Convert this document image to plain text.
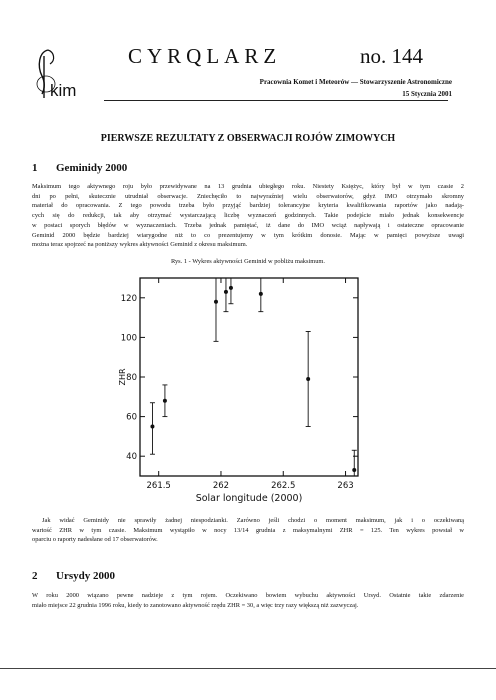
kim
CYRQLARZ	no. 144
Pracownia Komet i Meteorów — Stowarzyszenie Astronomiczne
15 Stycznia 2001
PIERWSZE REZULTATY Z OBSERWACJI ROJÓW ZIMOWYCH
1 Geminidy 2000
Maksimum tego aktywnego roju było przewidywane na 13 grudnia ubiegłego roku. Niestety Księżyc, który był w tym czasie 2
dni po pełni, skutecznie utrudniał obserwacje. Zniechęciło to najwyraźniej wielu obserwatorów, gdyż IMO otrzymało skromny
materiał do opracowania. Z tego powodu trzeba było przyjąć bardziej tolerancyjne kryteria kwalifikowania raportów jako nadają-
cych się do redukcji, tak aby otrzymać wystarczającą liczbę wyznaczeń godzinnych. Takie podejście miało jednak konsekwencje
w postaci sporych błędów w wyznaczeniach. Trzeba jednak pamiętać, iż dane do IMO wciąż napływają i ostateczne opracowanie
Geminid 2000 będzie bardziej wiarygodne niż to co prezentujemy w tym krótkim donosie. Mając w pamięci powyższe uwagi
można teraz spojrzeć na poniższy wykres aktywności Geminid z okresu maksimum.
Rys. 1 - Wykres aktywności Geminid w pobliżu maksimum.
261.5	262	262.5	263
40
60
80
100
120
Solar longitude (2000)
ZHR
Jak widać Geminidy nie sprawiły żadnej niespodzianki. Zarówno jeśli chodzi o moment maksimum, jak i o oczekiwaną
wartość ZHR w tym czasie. Maksimum wystąpiło w nocy 13/14 grudnia z maksymalnymi ZHR = 125. Ten wykres powstał w
oparciu o raporty nadesłane od 17 obserwatorów.
2 Ursydy 2000
W roku 2000 wiązano pewne nadzieje z tym rojem. Oczekiwano bowiem wybuchu aktywności Ursyd. Ostatnie takie zdarzenie
miało miejsce 22 grudnia 1996 roku, kiedy to zanotowano aktywność rzędu ZHR = 30, a więc trzy razy większą niż zazwyczaj.
